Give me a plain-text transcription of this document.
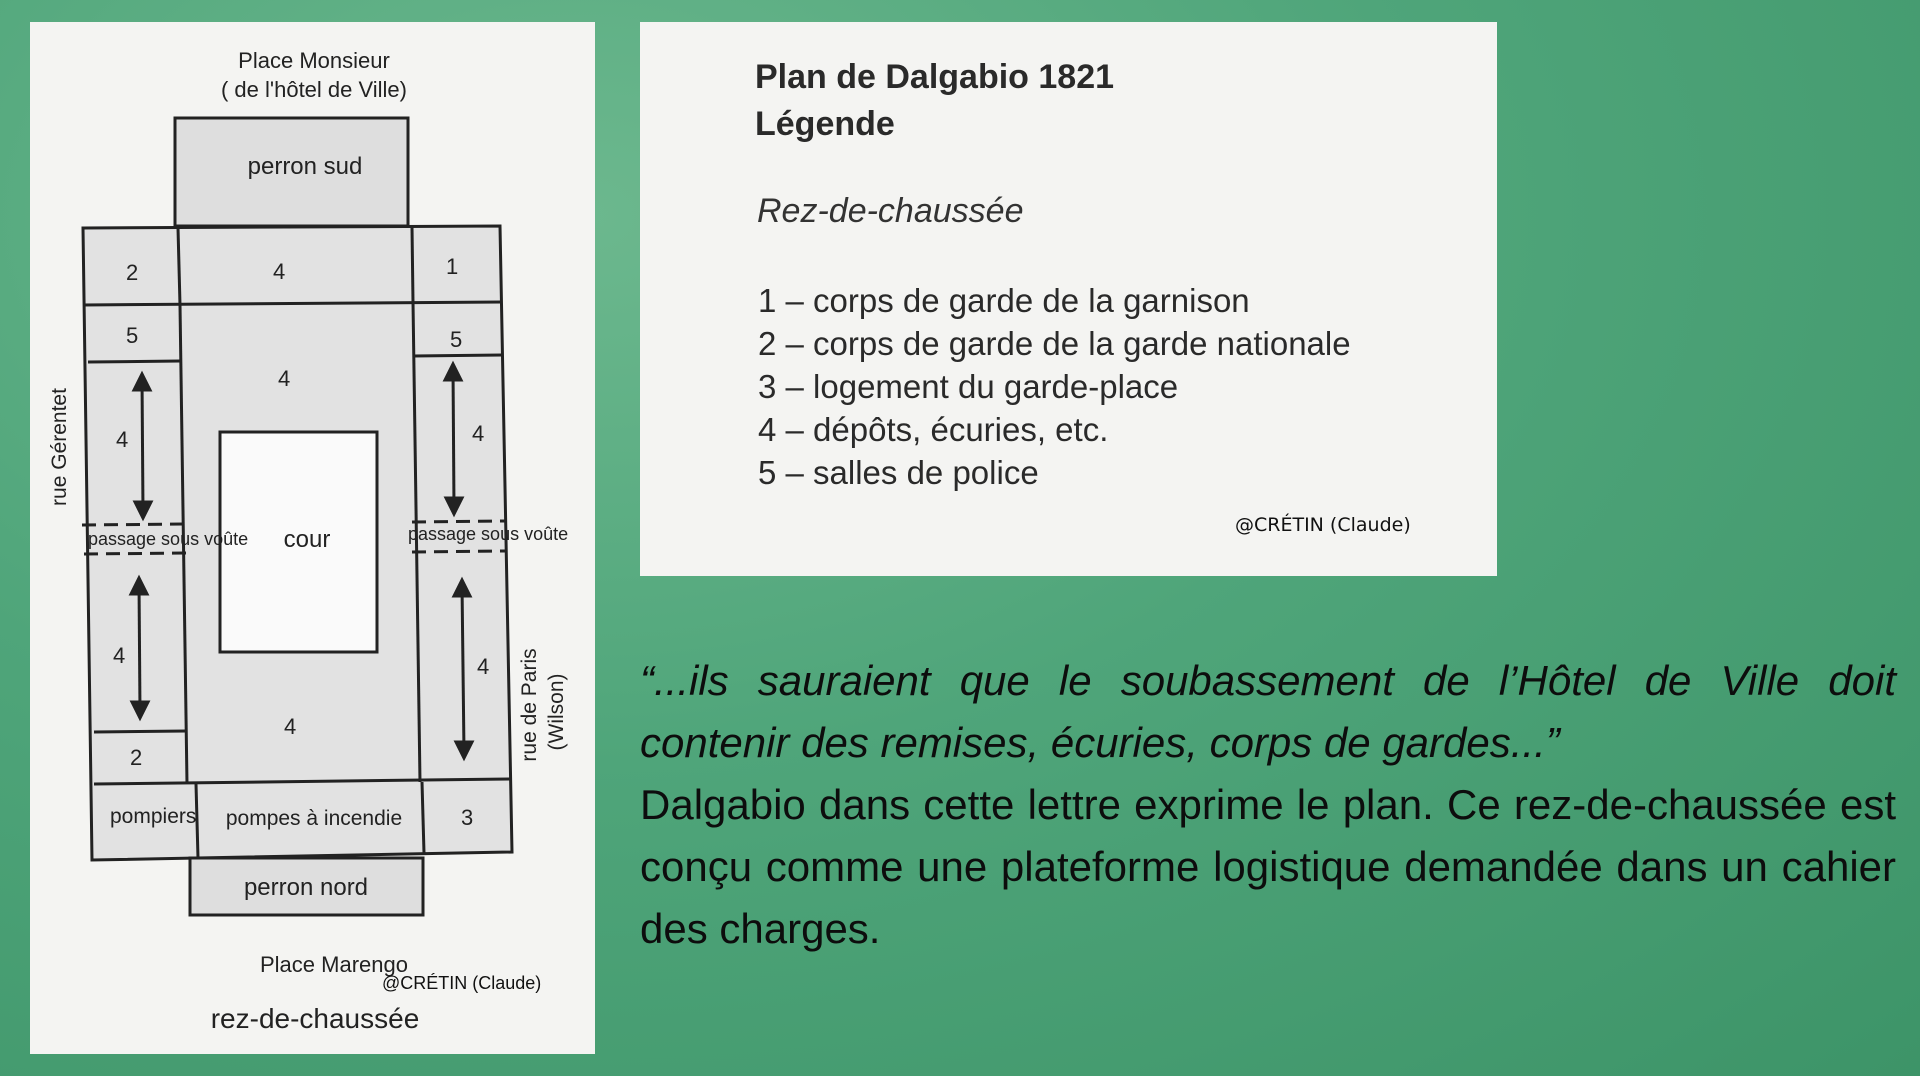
Place Monsieur
( de l'hôtel de Ville)
perron sud
cour
passage sous voûte	passage sous voûte
perron nord
2	4	1
5	5
4
4	4
4	4
4
2
3
pompiers pompes à incendie
rue Gérentet
rue de Paris (Wilson)
Place Marengo
@CRÉTIN (Claude)
rez-de-chaussée
Plan de Dalgabio 1821
Légende
Rez-de-chaussée
1 – corps de garde de la garnison
2 – corps de garde de la garde nationale
3 – logement du garde-place
4 – dépôts, écuries, etc.
5 – salles de police
@CRÉTIN (Claude)
“...ils sauraient que le soubassement de l’Hôtel de Ville doit contenir des remises, écuries, corps de gardes...”
Dalgabio dans cette lettre exprime le plan. Ce rez-de-chaussée est conçu comme une plateforme logistique demandée dans un cahier des charges.
